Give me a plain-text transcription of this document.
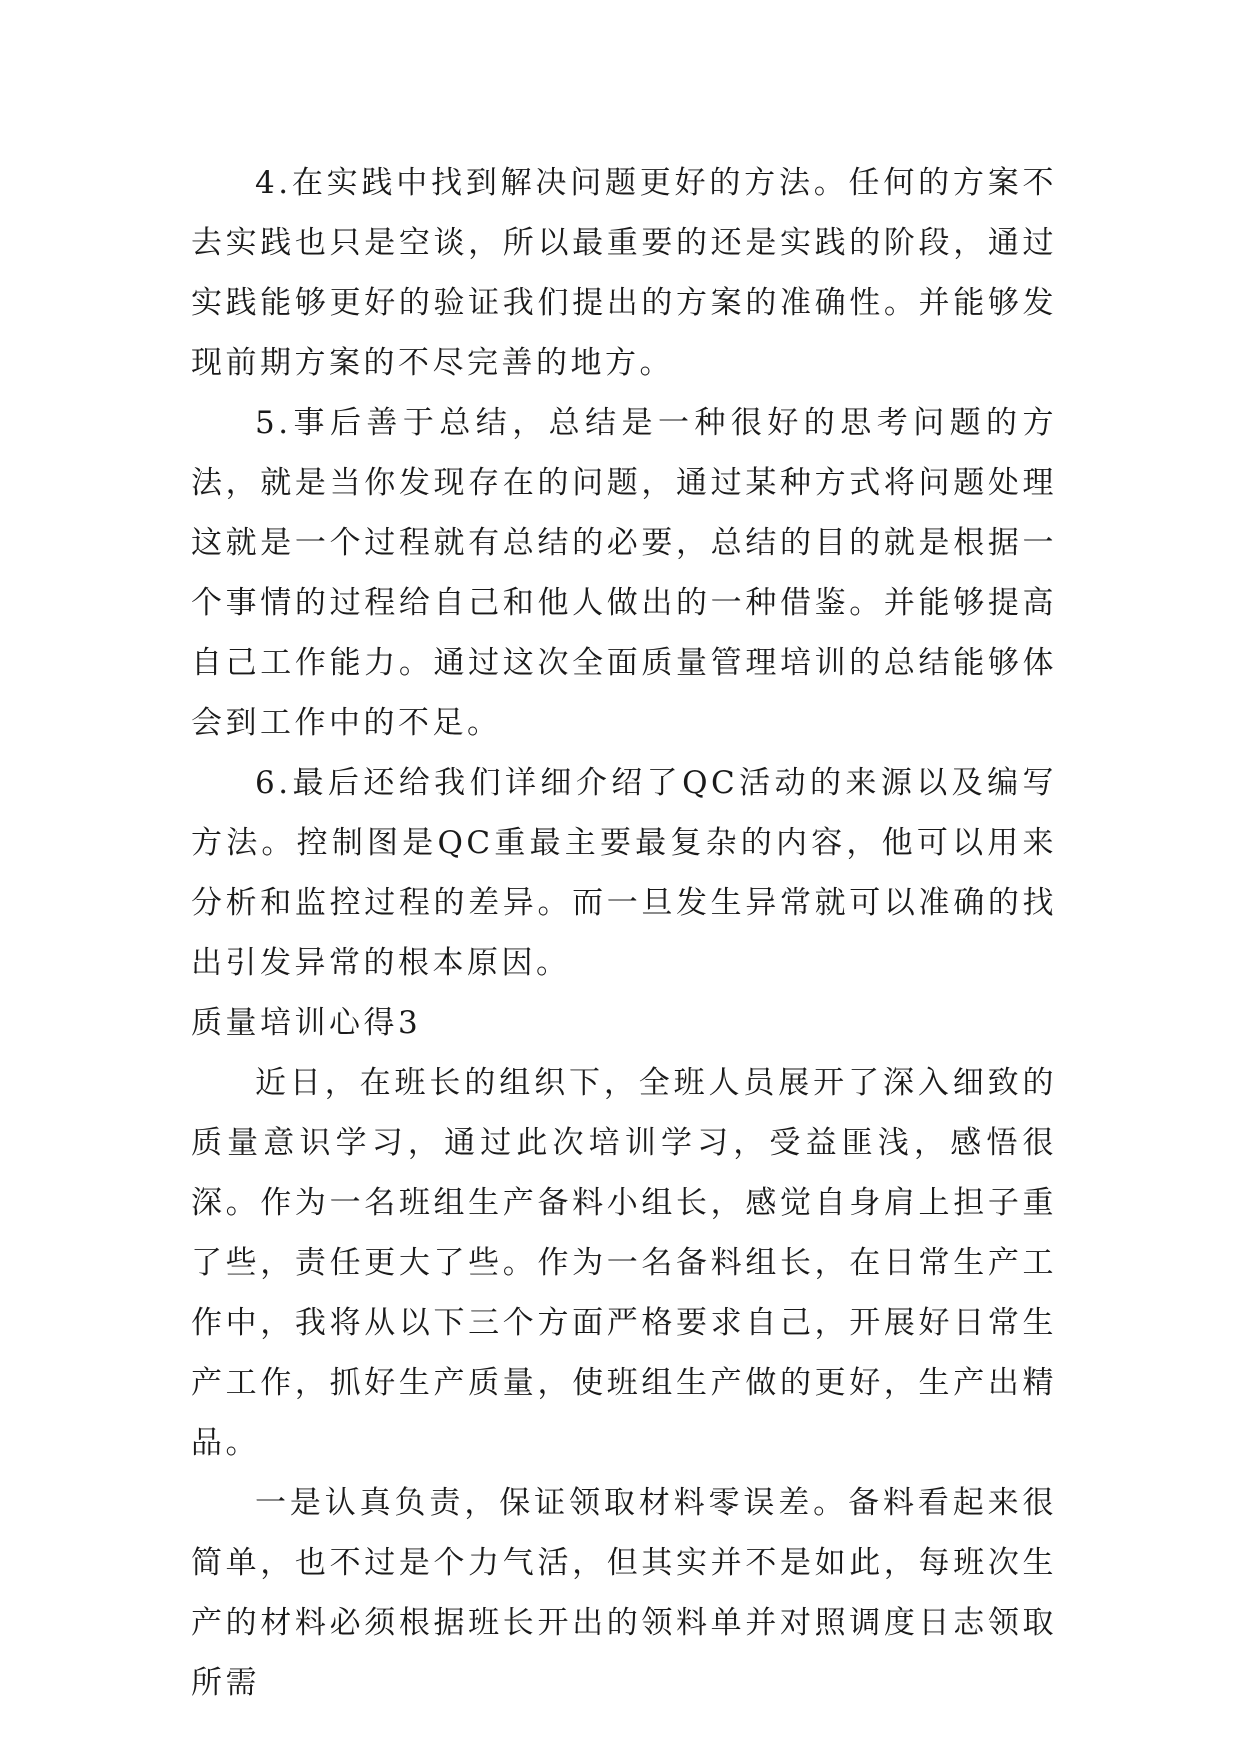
4.在实践中找到解决问题更好的方法。任何的方案不去实践也只是空谈，所以最重要的还是实践的阶段，通过实践能够更好的验证我们提出的方案的准确性。并能够发现前期方案的不尽完善的地方。

5.事后善于总结，总结是一种很好的思考问题的方法，就是当你发现存在的问题，通过某种方式将问题处理这就是一个过程就有总结的必要，总结的目的就是根据一个事情的过程给自己和他人做出的一种借鉴。并能够提高自己工作能力。通过这次全面质量管理培训的总结能够体会到工作中的不足。

6.最后还给我们详细介绍了QC活动的来源以及编写方法。控制图是QC重最主要最复杂的内容，他可以用来分析和监控过程的差异。而一旦发生异常就可以准确的找出引发异常的根本原因。

质量培训心得3

近日，在班长的组织下，全班人员展开了深入细致的质量意识学习，通过此次培训学习，受益匪浅，感悟很深。作为一名班组生产备料小组长，感觉自身肩上担子重了些，责任更大了些。作为一名备料组长，在日常生产工作中，我将从以下三个方面严格要求自己，开展好日常生产工作，抓好生产质量，使班组生产做的更好，生产出精品。

一是认真负责，保证领取材料零误差。备料看起来很简单，也不过是个力气活，但其实并不是如此，每班次生产的材料必须根据班长开出的领料单并对照调度日志领取所需
